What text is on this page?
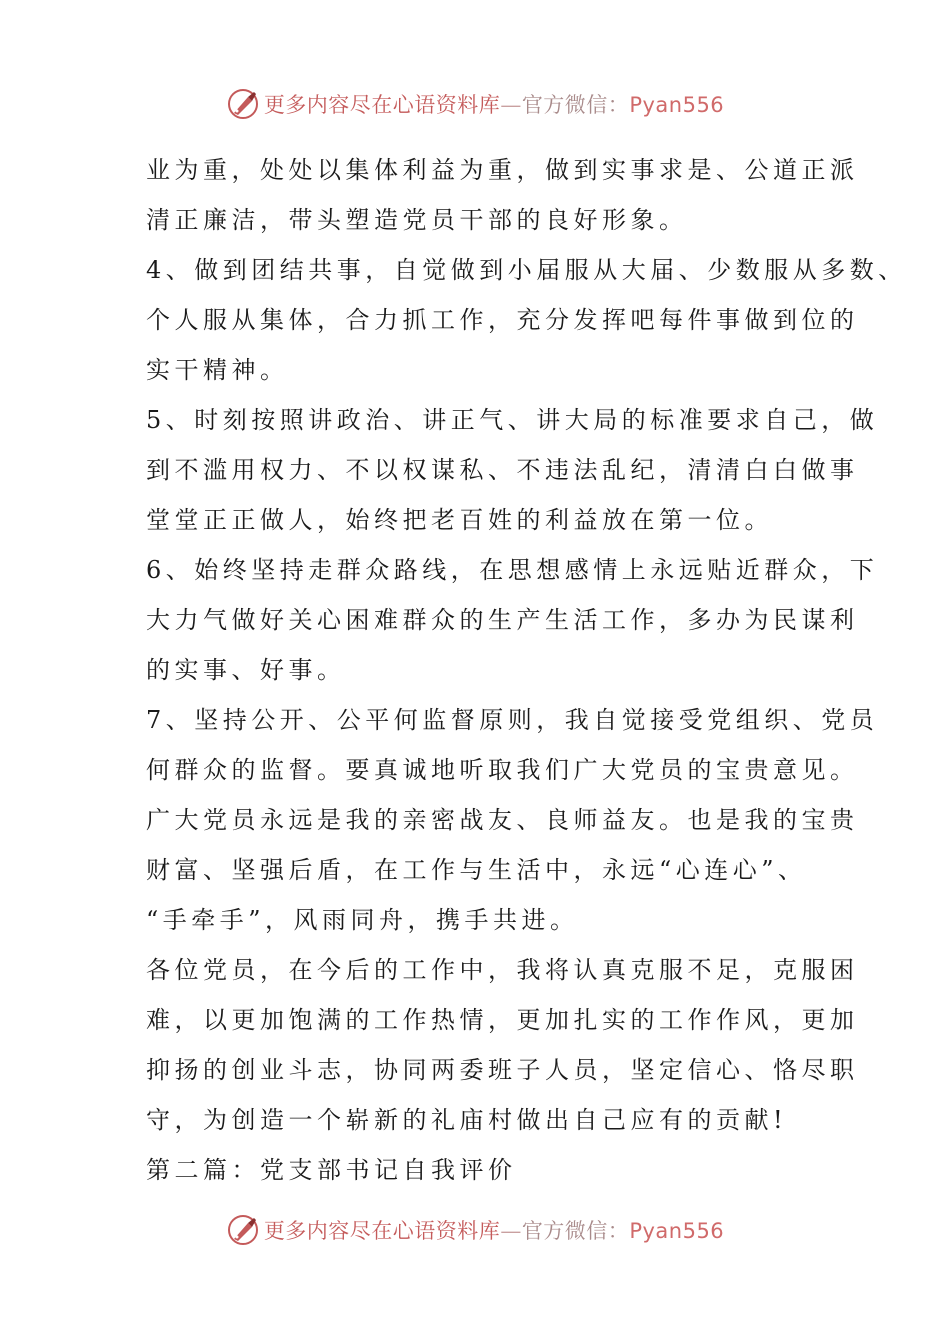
更多内容尽在心语资料库—官方微信：Pyan556
业为重，处处以集体利益为重，做到实事求是、公道正派
清正廉洁，带头塑造党员干部的良好形象。
4、做到团结共事，自觉做到小届服从大届、少数服从多数、
个人服从集体，合力抓工作，充分发挥吧每件事做到位的
实干精神。
5、时刻按照讲政治、讲正气、讲大局的标准要求自己，做
到不滥用权力、不以权谋私、不违法乱纪，清清白白做事
堂堂正正做人，始终把老百姓的利益放在第一位。
6、始终坚持走群众路线，在思想感情上永远贴近群众，下
大力气做好关心困难群众的生产生活工作，多办为民谋利
的实事、好事。
7、坚持公开、公平何监督原则，我自觉接受党组织、党员
何群众的监督。要真诚地听取我们广大党员的宝贵意见。
广大党员永远是我的亲密战友、良师益友。也是我的宝贵
财富、坚强后盾，在工作与生活中，永远“心连心”、
“手牵手”，风雨同舟，携手共进。
各位党员，在今后的工作中，我将认真克服不足，克服困
难，以更加饱满的工作热情，更加扎实的工作作风，更加
抑扬的创业斗志，协同两委班子人员，坚定信心、恪尽职
守，为创造一个崭新的礼庙村做出自己应有的贡献!
第二篇：党支部书记自我评价
更多内容尽在心语资料库—官方微信：Pyan556
